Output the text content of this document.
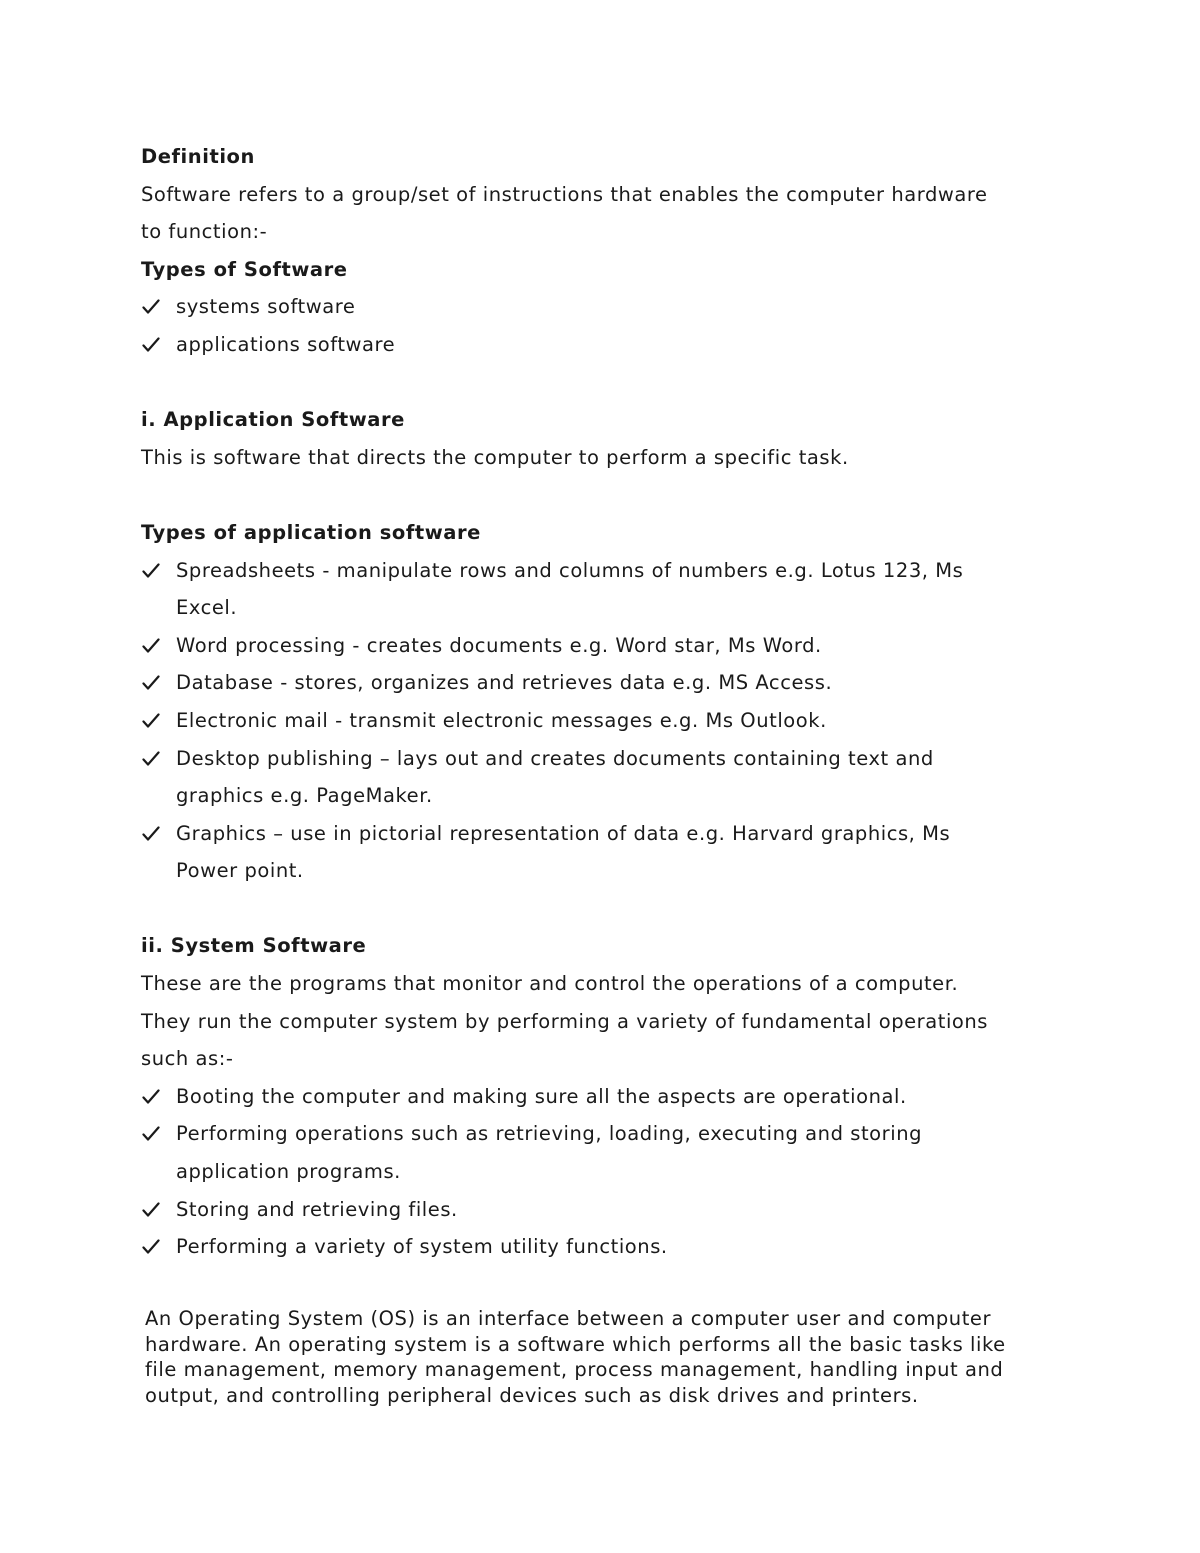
Definition
Software refers to a group/set of instructions that enables the computer hardware
to function:-
Types of Software
systems software
applications software
i. Application Software
This is software that directs the computer to perform a specific task.
Types of application software
Spreadsheets - manipulate rows and columns of numbers e.g. Lotus 123, Ms
Excel.
Word processing - creates documents e.g. Word star, Ms Word.
Database - stores, organizes and retrieves data e.g. MS Access.
Electronic mail - transmit electronic messages e.g. Ms Outlook.
Desktop publishing – lays out and creates documents containing text and
graphics e.g. PageMaker.
Graphics – use in pictorial representation of data e.g. Harvard graphics, Ms
Power point.
ii. System Software
These are the programs that monitor and control the operations of a computer.
They run the computer system by performing a variety of fundamental operations
such as:-
Booting the computer and making sure all the aspects are operational.
Performing operations such as retrieving, loading, executing and storing
application programs.
Storing and retrieving files.
Performing a variety of system utility functions.
An Operating System (OS) is an interface between a computer user and computer
hardware. An operating system is a software which performs all the basic tasks like
file management, memory management, process management, handling input and
output, and controlling peripheral devices such as disk drives and printers.
